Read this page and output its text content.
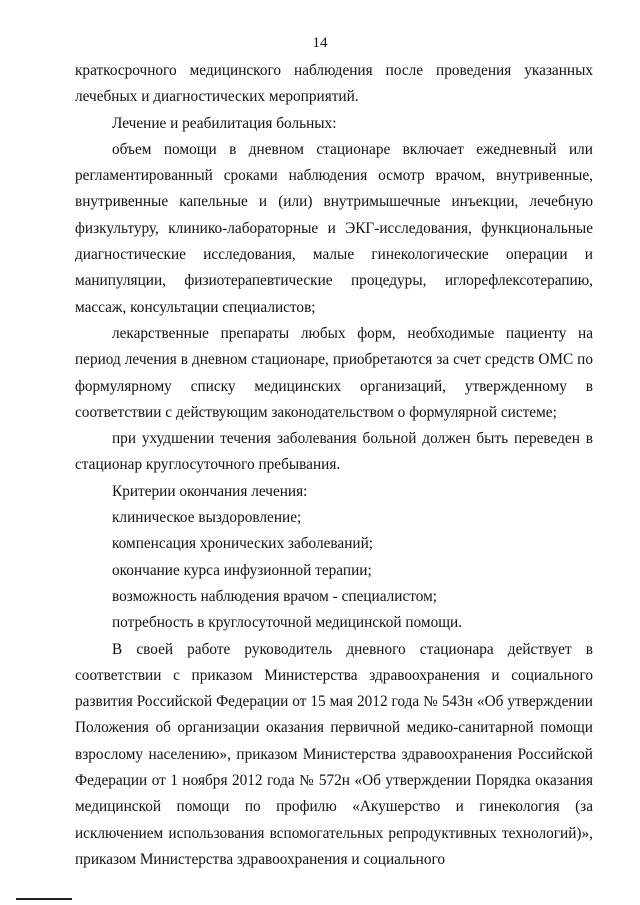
14

краткосрочного медицинского наблюдения после проведения указанных лечебных и диагностических мероприятий.

Лечение и реабилитация больных:

объем помощи в дневном стационаре включает ежедневный или регламентированный сроками наблюдения осмотр врачом, внутривенные, внутривенные капельные и (или) внутримышечные инъекции, лечебную физкультуру, клинико-лабораторные и ЭКГ-исследования, функциональные диагностические исследования, малые гинекологические операции и манипуляции, физиотерапевтические процедуры, иглорефлексотерапию, массаж, консультации специалистов;

лекарственные препараты любых форм, необходимые пациенту на период лечения в дневном стационаре, приобретаются за счет средств ОМС по формулярному списку медицинских организаций, утвержденному в соответствии с действующим законодательством о формулярной системе;

при ухудшении течения заболевания больной должен быть переведен в стационар круглосуточного пребывания.

Критерии окончания лечения:

клиническое выздоровление;

компенсация хронических заболеваний;

окончание курса инфузионной терапии;

возможность наблюдения врачом - специалистом;

потребность в круглосуточной медицинской помощи.

В своей работе руководитель дневного стационара действует в соответствии с приказом Министерства здравоохранения и социального развития Российской Федерации от 15 мая 2012 года № 543н «Об утверждении Положения об организации оказания первичной медико-санитарной помощи взрослому населению», приказом Министерства здравоохранения Российской Федерации от 1 ноября 2012 года № 572н «Об утверждении Порядка оказания медицинской помощи по профилю «Акушерство и гинекология (за исключением использования вспомогательных репродуктивных технологий)», приказом Министерства здравоохранения и социального
